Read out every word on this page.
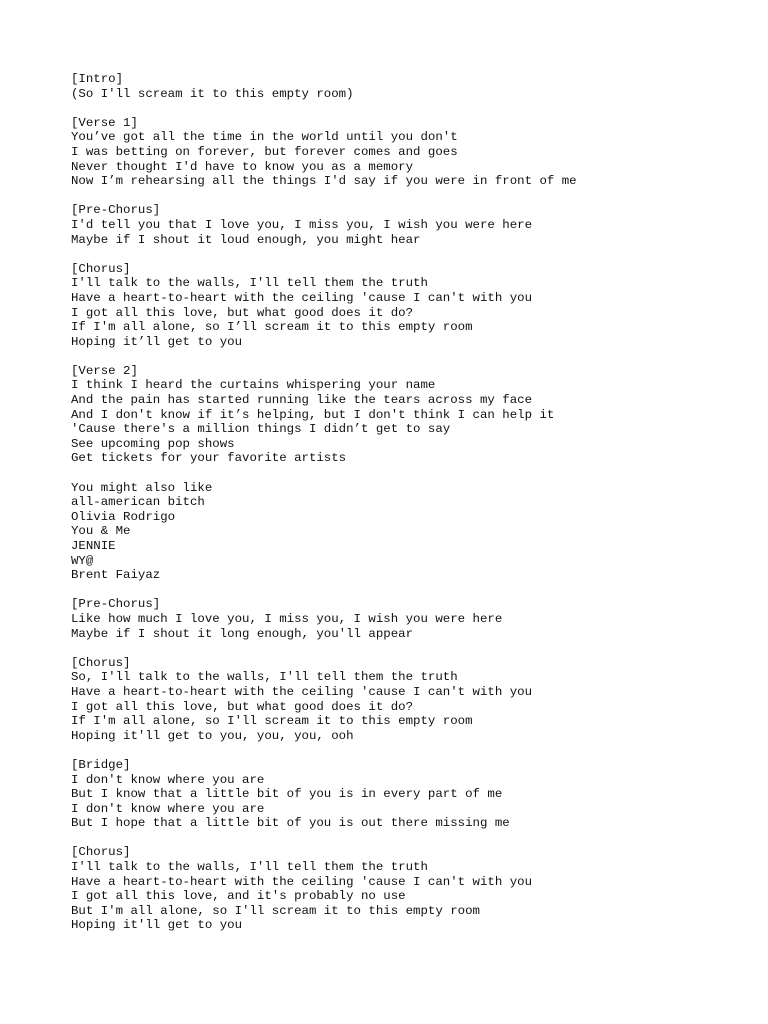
[Intro]
(So I'll scream it to this empty room)
[Verse 1]
You’ve got all the time in the world until you don't
I was betting on forever, but forever comes and goes
Never thought I'd have to know you as a memory
Now I’m rehearsing all the things I'd say if you were in front of me
[Pre-Chorus]
I'd tell you that I love you, I miss you, I wish you were here
Maybe if I shout it loud enough, you might hear
[Chorus]
I'll talk to the walls, I'll tell them the truth
Have a heart-to-heart with the ceiling 'cause I can't with you
I got all this love, but what good does it do?
If I'm all alone, so I’ll scream it to this empty room
Hoping it’ll get to you
[Verse 2]
I think I heard the curtains whispering your name
And the pain has started running like the tears across my face
And I don't know if it’s helping, but I don't think I can help it
'Cause there's a million things I didn’t get to say
See upcoming pop shows
Get tickets for your favorite artists
You might also like
all-american bitch
Olivia Rodrigo
You & Me
JENNIE
WY@
Brent Faiyaz
[Pre-Chorus]
Like how much I love you, I miss you, I wish you were here
Maybe if I shout it long enough, you'll appear
[Chorus]
So, I'll talk to the walls, I'll tell them the truth
Have a heart-to-heart with the ceiling 'cause I can't with you
I got all this love, but what good does it do?
If I'm all alone, so I'll scream it to this empty room
Hoping it'll get to you, you, you, ooh
[Bridge]
I don't know where you are
But I know that a little bit of you is in every part of me
I don't know where you are
But I hope that a little bit of you is out there missing me
[Chorus]
I'll talk to the walls, I'll tell them the truth
Have a heart-to-heart with the ceiling 'cause I can't with you
I got all this love, and it's probably no use
But I'm all alone, so I'll scream it to this empty room
Hoping it'll get to you
